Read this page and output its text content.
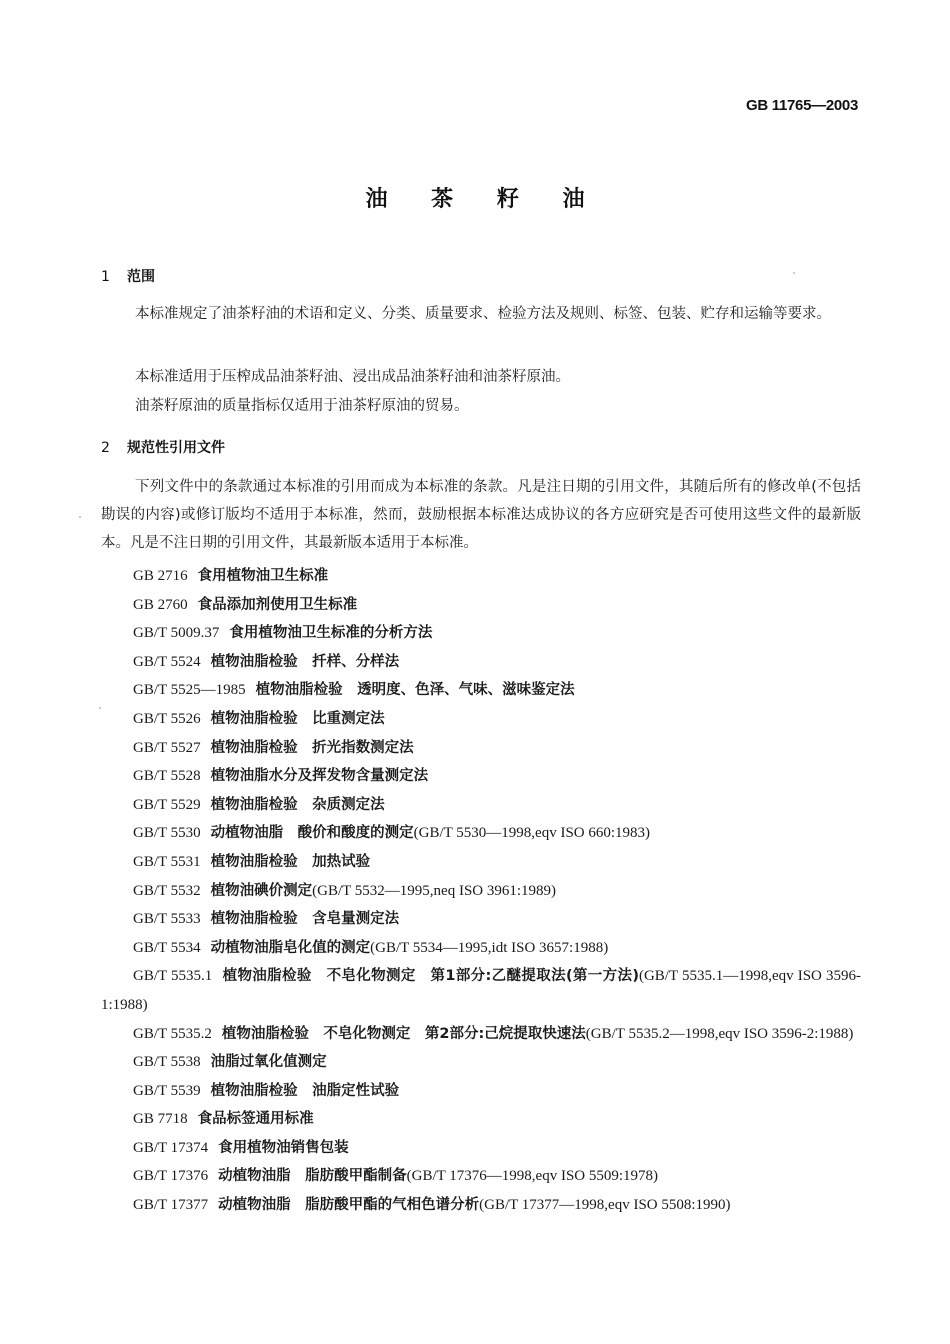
GB 11765—2003
油 茶 籽 油
1 范围

本标准规定了油茶籽油的术语和定义、分类、质量要求、检验方法及规则、标签、包装、贮存和运输等要求。

本标准适用于压榨成品油茶籽油、浸出成品油茶籽油和油茶籽原油。

油茶籽原油的质量指标仅适用于油茶籽原油的贸易。

2 规范性引用文件

下列文件中的条款通过本标准的引用而成为本标准的条款。凡是注日期的引用文件，其随后所有的修改单(不包括勘误的内容)或修订版均不适用于本标准，然而，鼓励根据本标准达成协议的各方应研究是否可使用这些文件的最新版本。凡是不注日期的引用文件，其最新版本适用于本标准。

GB 2716 食用植物油卫生标准
GB 2760 食品添加剂使用卫生标准
GB/T 5009.37 食用植物油卫生标准的分析方法
GB/T 5524 植物油脂检验　扦样、分样法
GB/T 5525—1985 植物油脂检验　透明度、色泽、气味、滋味鉴定法
GB/T 5526 植物油脂检验　比重测定法
GB/T 5527 植物油脂检验　折光指数测定法
GB/T 5528 植物油脂水分及挥发物含量测定法
GB/T 5529 植物油脂检验　杂质测定法
GB/T 5530 动植物油脂　酸价和酸度的测定(GB/T 5530—1998,eqv ISO 660:1983)
GB/T 5531 植物油脂检验　加热试验
GB/T 5532 植物油碘价测定(GB/T 5532—1995,neq ISO 3961:1989)
GB/T 5533 植物油脂检验　含皂量测定法
GB/T 5534 动植物油脂皂化值的测定(GB/T 5534—1995,idt ISO 3657:1988)
GB/T 5535.1 植物油脂检验　不皂化物测定　第1部分:乙醚提取法(第一方法)(GB/T 5535.1—1998,eqv ISO 3596-1:1988)
GB/T 5535.2 植物油脂检验　不皂化物测定　第2部分:己烷提取快速法(GB/T 5535.2—1998,eqv ISO 3596-2:1988)
GB/T 5538 油脂过氧化值测定
GB/T 5539 植物油脂检验　油脂定性试验
GB 7718 食品标签通用标准
GB/T 17374 食用植物油销售包装
GB/T 17376 动植物油脂　脂肪酸甲酯制备(GB/T 17376—1998,eqv ISO 5509:1978)
GB/T 17377 动植物油脂　脂肪酸甲酯的气相色谱分析(GB/T 17377—1998,eqv ISO 5508:1990)
